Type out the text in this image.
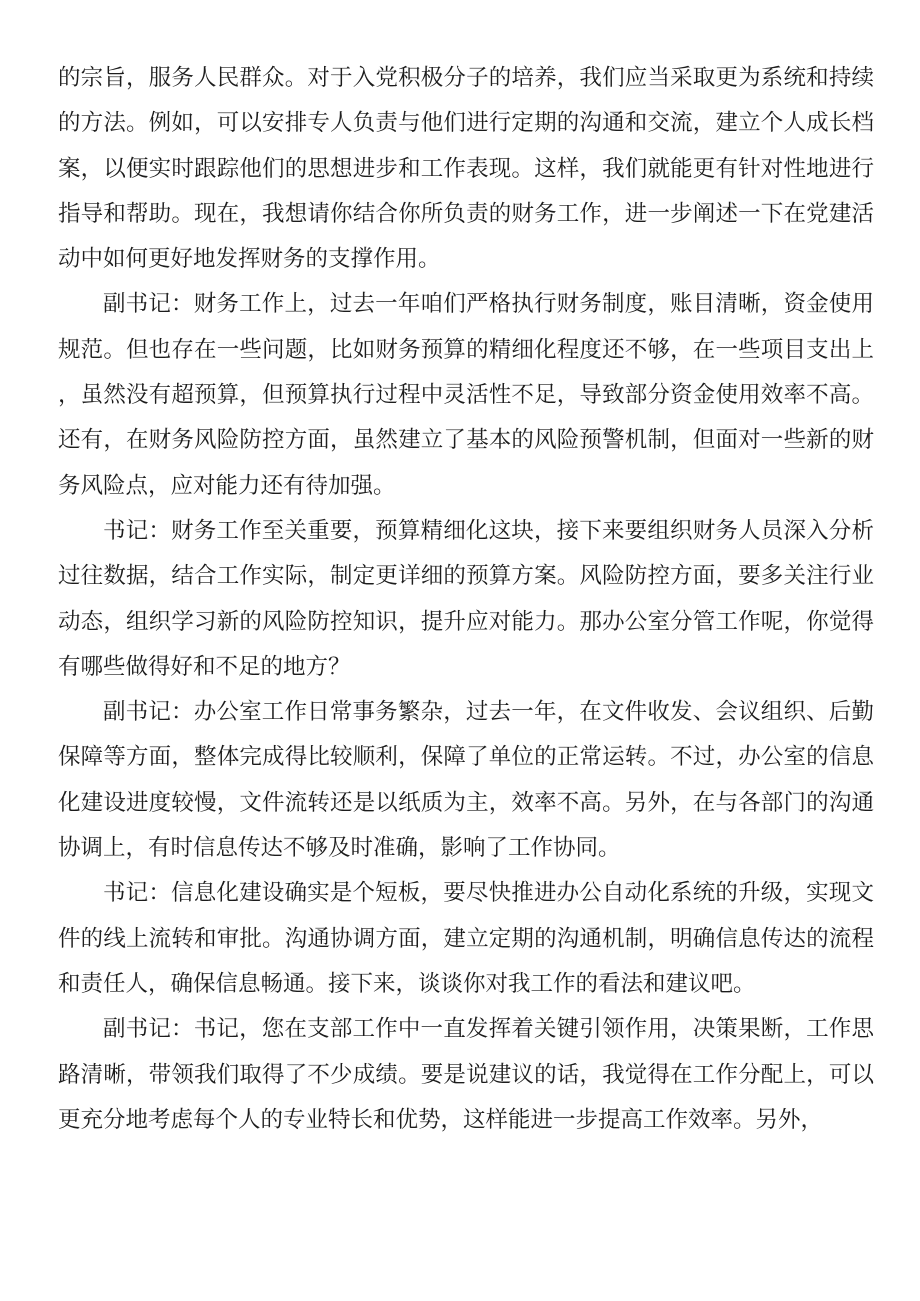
的宗旨，服务人民群众。对于入党积极分子的培养，我们应当采取更为系统和持续的方法。例如，可以安排专人负责与他们进行定期的沟通和交流，建立个人成长档案，以便实时跟踪他们的思想进步和工作表现。这样，我们就能更有针对性地进行指导和帮助。现在，我想请你结合你所负责的财务工作，进一步阐述一下在党建活动中如何更好地发挥财务的支撑作用。

副书记：财务工作上，过去一年咱们严格执行财务制度，账目清晰，资金使用规范。但也存在一些问题，比如财务预算的精细化程度还不够，在一些项目支出上，虽然没有超预算，但预算执行过程中灵活性不足，导致部分资金使用效率不高。还有，在财务风险防控方面，虽然建立了基本的风险预警机制，但面对一些新的财务风险点，应对能力还有待加强。

书记：财务工作至关重要，预算精细化这块，接下来要组织财务人员深入分析过往数据，结合工作实际，制定更详细的预算方案。风险防控方面，要多关注行业动态，组织学习新的风险防控知识，提升应对能力。那办公室分管工作呢，你觉得有哪些做得好和不足的地方？

副书记：办公室工作日常事务繁杂，过去一年，在文件收发、会议组织、后勤保障等方面，整体完成得比较顺利，保障了单位的正常运转。不过，办公室的信息化建设进度较慢，文件流转还是以纸质为主，效率不高。另外，在与各部门的沟通协调上，有时信息传达不够及时准确，影响了工作协同。

书记：信息化建设确实是个短板，要尽快推进办公自动化系统的升级，实现文件的线上流转和审批。沟通协调方面，建立定期的沟通机制，明确信息传达的流程和责任人，确保信息畅通。接下来，谈谈你对我工作的看法和建议吧。

副书记：书记，您在支部工作中一直发挥着关键引领作用，决策果断，工作思路清晰，带领我们取得了不少成绩。要是说建议的话，我觉得在工作分配上，可以更充分地考虑每个人的专业特长和优势，这样能进一步提高工作效率。另外，
